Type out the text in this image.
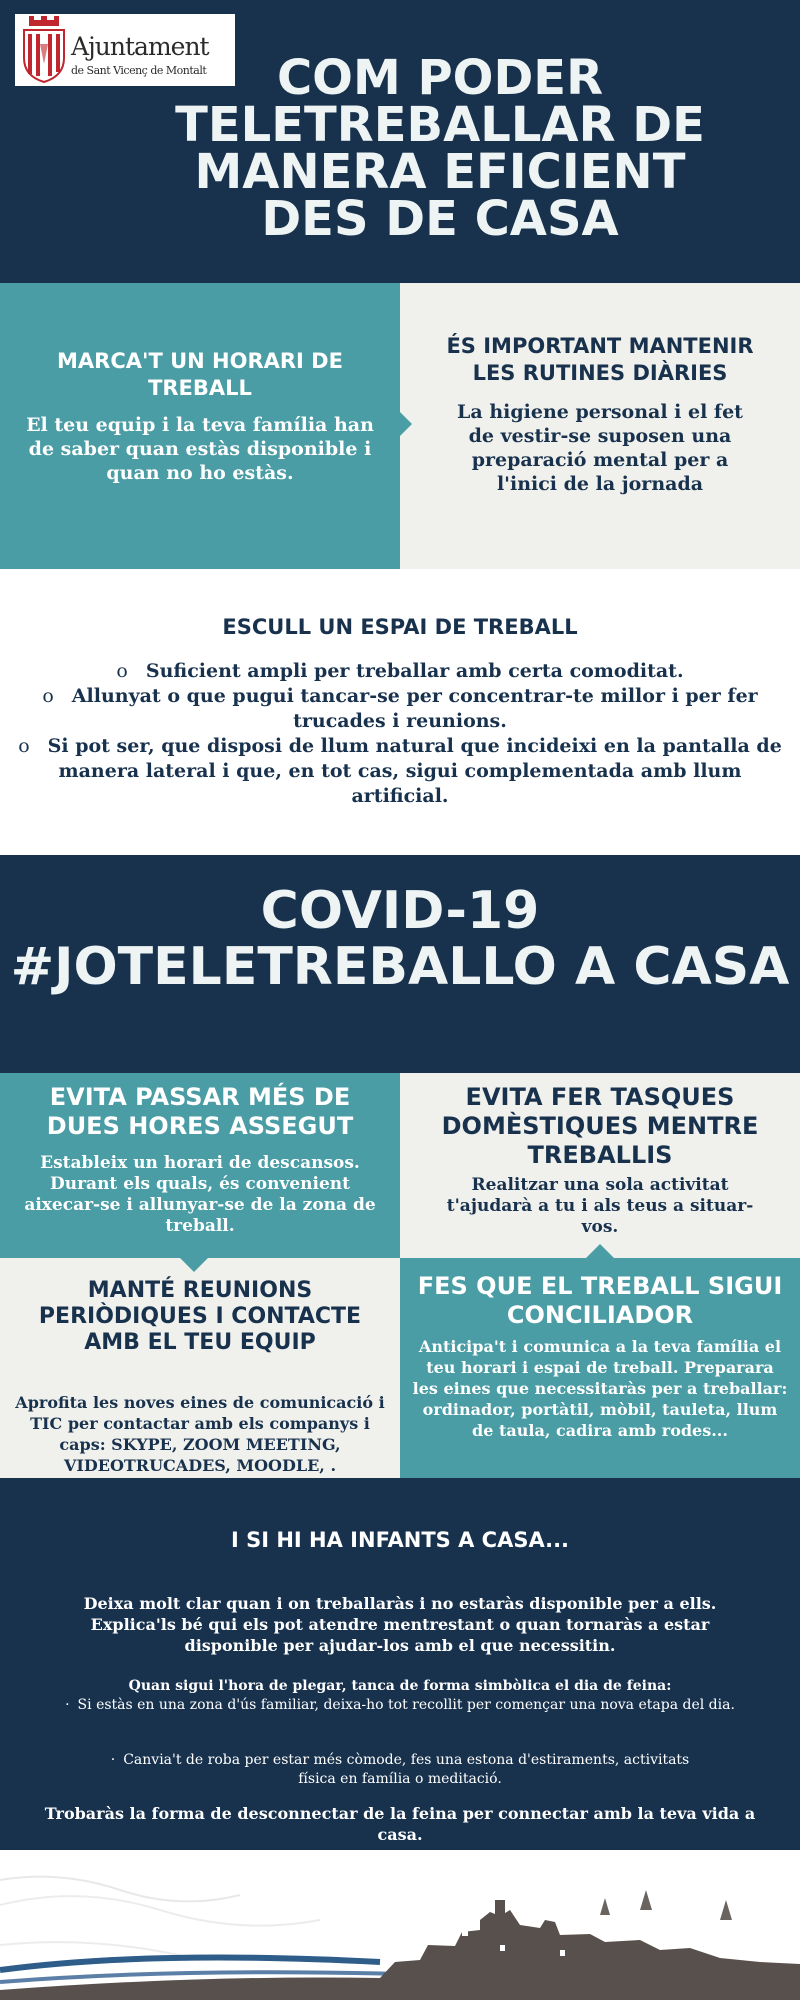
Ajuntament
de Sant Vicenç de Montalt	COM PODER TELETREBALLAR DE MANERA EFICIENT DES DE CASA
MARCA'T UN HORARI DE TREBALL
El teu equip i la teva família han de saber quan estàs disponible i quan no ho estàs.
ÉS IMPORTANT MANTENIR LES RUTINES DIÀRIES
La higiene personal i el fet de vestir-se suposen una preparació mental per a l'inici de la jornada
ESCULL UN ESPAI DE TREBALL
o Suficient ampli per treballar amb certa comoditat.
o Allunyat o que pugui tancar-se per concentrar-te millor i per fer trucades i reunions.
o Si pot ser, que disposi de llum natural que incideixi en la pantalla de manera lateral i que, en tot cas, sigui complementada amb llum artificial.
COVID-19
#JOTELETREBALLO A CASA
EVITA PASSAR MÉS DE DUES HORES ASSEGUT
Estableix un horari de descansos. Durant els quals, és convenient aixecar-se i allunyar-se de la zona de treball.
EVITA FER TASQUES DOMÈSTIQUES MENTRE TREBALLIS
Realitzar una sola activitat t'ajudarà a tu i als teus a situar-vos.
MANTÉ REUNIONS PERIÒDIQUES I CONTACTE AMB EL TEU EQUIP
Aprofita les noves eines de comunicació i TIC per contactar amb els companys i caps: SKYPE, ZOOM MEETING, VIDEOTRUCADES, MOODLE, .
FES QUE EL TREBALL SIGUI CONCILIADOR
Anticipa't i comunica a la teva família el teu horari i espai de treball. Preparara les eines que necessitaràs per a treballar: ordinador, portàtil, mòbil, tauleta, llum de taula, cadira amb rodes...
I SI HI HA INFANTS A CASA...
Deixa molt clar quan i on treballaràs i no estaràs disponible per a ells. Explica'ls bé qui els pot atendre mentrestant o quan tornaràs a estar disponible per ajudar-los amb el que necessitin.
Quan sigui l'hora de plegar, tanca de forma simbòlica el dia de feina:
· Si estàs en una zona d'ús familiar, deixa-ho tot recollit per començar una nova etapa del dia.
· Canvia't de roba per estar més còmode, fes una estona d'estiraments, activitats física en família o meditació.
Trobaràs la forma de desconnectar de la feina per connectar amb la teva vida a casa.
